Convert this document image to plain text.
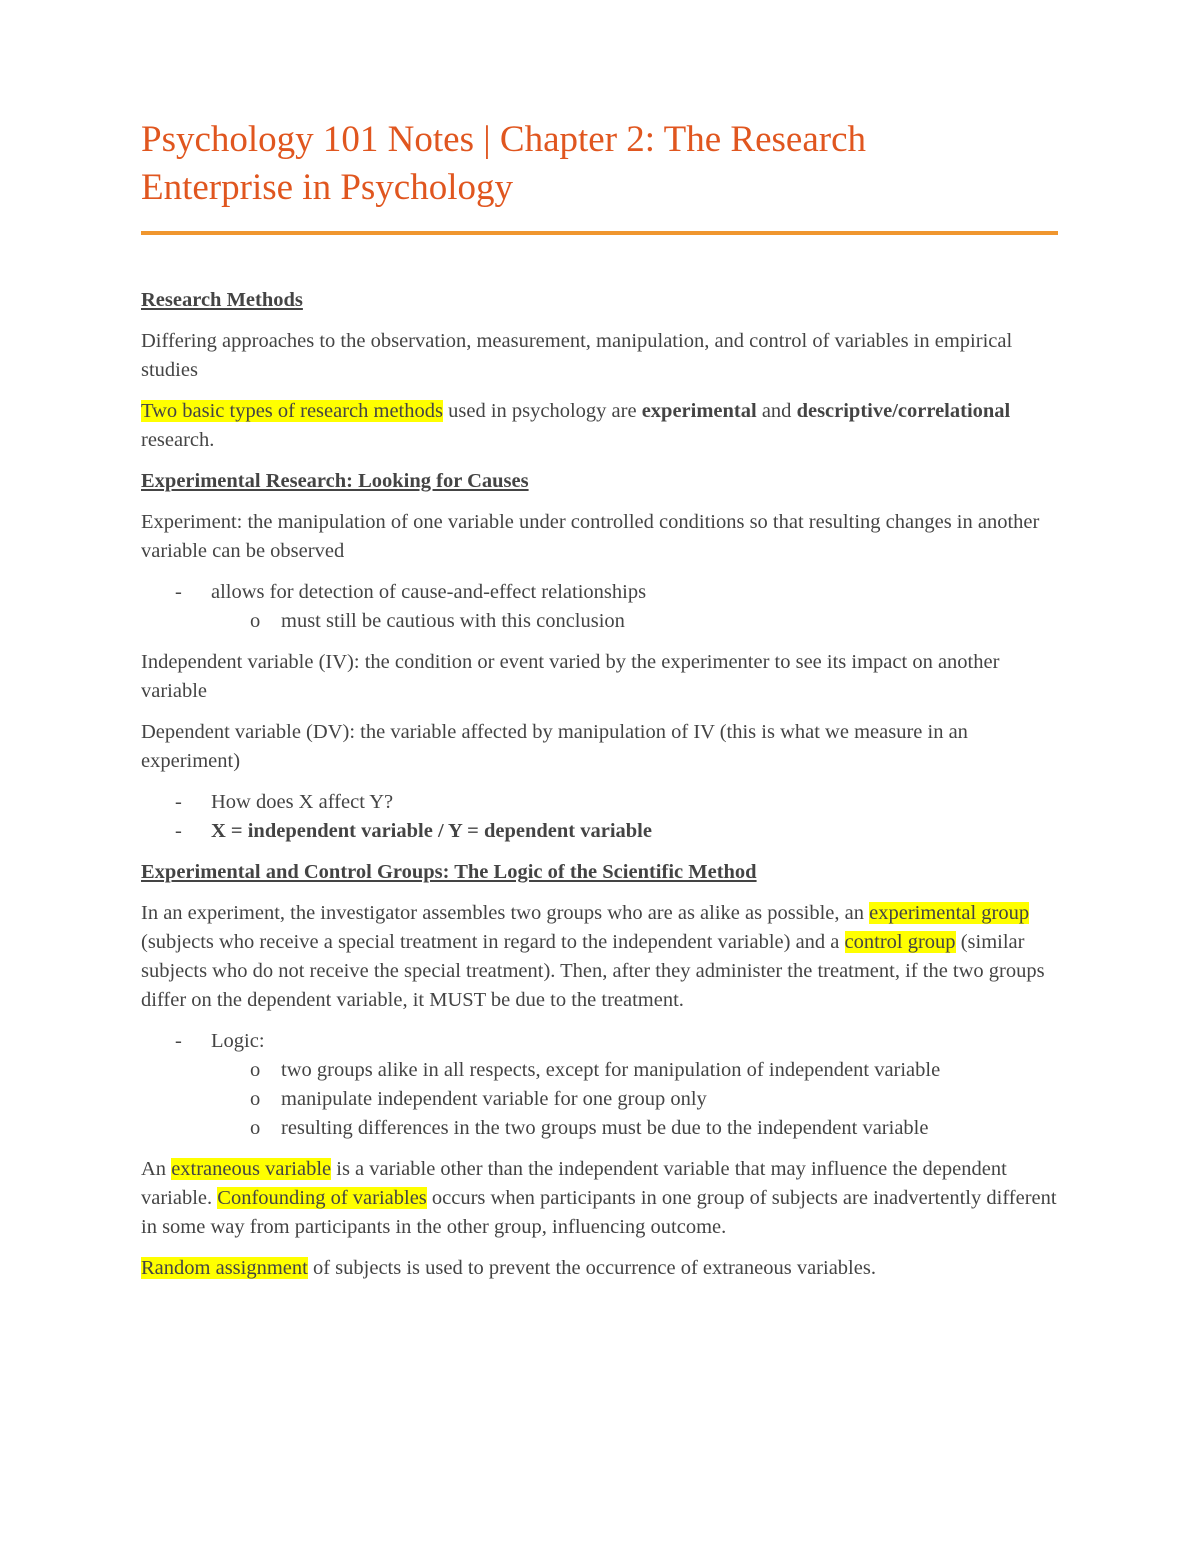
Psychology 101 Notes | Chapter 2: The Research
Enterprise in Psychology
Research Methods

Differing approaches to the observation, measurement, manipulation, and control of variables in empirical studies

Two basic types of research methods used in psychology are experimental and descriptive/correlational research.

Experimental Research: Looking for Causes

Experiment: the manipulation of one variable under controlled conditions so that resulting changes in another variable can be observed

- allows for detection of cause-and-effect relationships
o must still be cautious with this conclusion

Independent variable (IV): the condition or event varied by the experimenter to see its impact on another variable

Dependent variable (DV): the variable affected by manipulation of IV (this is what we measure in an experiment)

- How does X affect Y?
- X = independent variable / Y = dependent variable
Experimental and Control Groups: The Logic of the Scientific Method

In an experiment, the investigator assembles two groups who are as alike as possible, an experimental group (subjects who receive a special treatment in regard to the independent variable) and a control group (similar subjects who do not receive the special treatment). Then, after they administer the treatment, if the two groups differ on the dependent variable, it MUST be due to the treatment.

- Logic:
o two groups alike in all respects, except for manipulation of independent variable
o manipulate independent variable for one group only
o resulting differences in the two groups must be due to the independent variable

An extraneous variable is a variable other than the independent variable that may influence the dependent variable. Confounding of variables occurs when participants in one group of subjects are inadvertently different in some way from participants in the other group, influencing outcome.

Random assignment of subjects is used to prevent the occurrence of extraneous variables.
